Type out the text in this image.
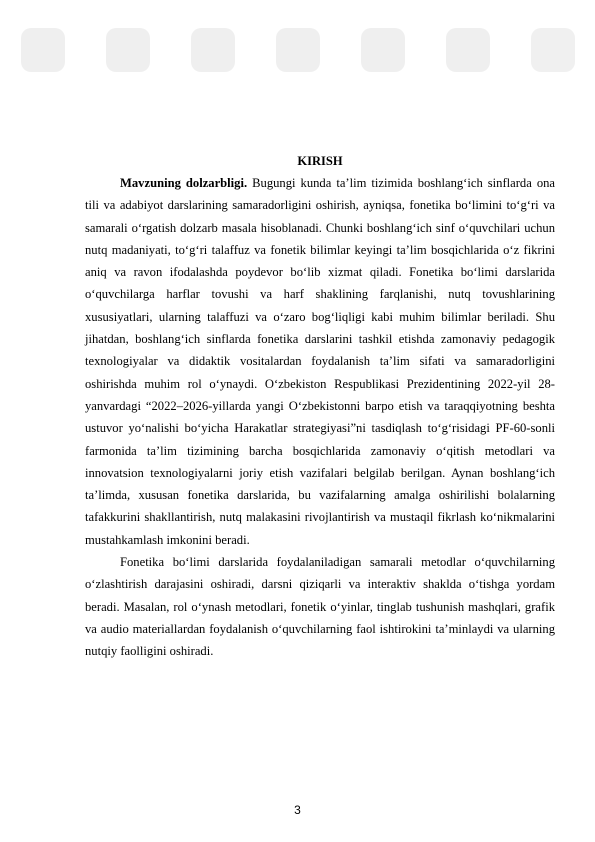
KIRISH

Mavzuning dolzarbligi. Bugungi kunda ta’lim tizimida boshlang‘ich sinflarda ona tili va adabiyot darslarining samaradorligini oshirish, ayniqsa, fonetika bo‘limini to‘g‘ri va samarali o‘rgatish dolzarb masala hisoblanadi. Chunki boshlang‘ich sinf o‘quvchilari uchun nutq madaniyati, to‘g‘ri talaffuz va fonetik bilimlar keyingi ta’lim bosqichlarida o‘z fikrini aniq va ravon ifodalashda poydevor bo‘lib xizmat qiladi. Fonetika bo‘limi darslarida o‘quvchilarga harflar tovushi va harf shaklining farqlanishi, nutq tovushlarining xususiyatlari, ularning talaffuzi va o‘zaro bog‘liqligi kabi muhim bilimlar beriladi. Shu jihatdan, boshlang‘ich sinflarda fonetika darslarini tashkil etishda zamonaviy pedagogik texnologiyalar va didaktik vositalardan foydalanish ta’lim sifati va samaradorligini oshirishda muhim rol o‘ynaydi. O‘zbekiston Respublikasi Prezidentining 2022-yil 28-yanvardagi “2022–2026-yillarda yangi O‘zbekistonni barpo etish va taraqqiyotning beshta ustuvor yo‘nalishi bo‘yicha Harakatlar strategiyasi”ni tasdiqlash to‘g‘risidagi PF-60-sonli farmonida ta’lim tizimining barcha bosqichlarida zamonaviy o‘qitish metodlari va innovatsion texnologiyalarni joriy etish vazifalari belgilab berilgan. Aynan boshlang‘ich ta’limda, xususan fonetika darslarida, bu vazifalarning amalga oshirilishi bolalarning tafakkurini shakllantirish, nutq malakasini rivojlantirish va mustaqil fikrlash ko‘nikmalarini mustahkamlash imkonini beradi.

Fonetika bo‘limi darslarida foydalaniladigan samarali metodlar o‘quvchilarning o‘zlashtirish darajasini oshiradi, darsni qiziqarli va interaktiv shaklda o‘tishga yordam beradi. Masalan, rol o‘ynash metodlari, fonetik o‘yinlar, tinglab tushunish mashqlari, grafik va audio materiallardan foydalanish o‘quvchilarning faol ishtirokini ta’minlaydi va ularning nutqiy faolligini oshiradi.

3
